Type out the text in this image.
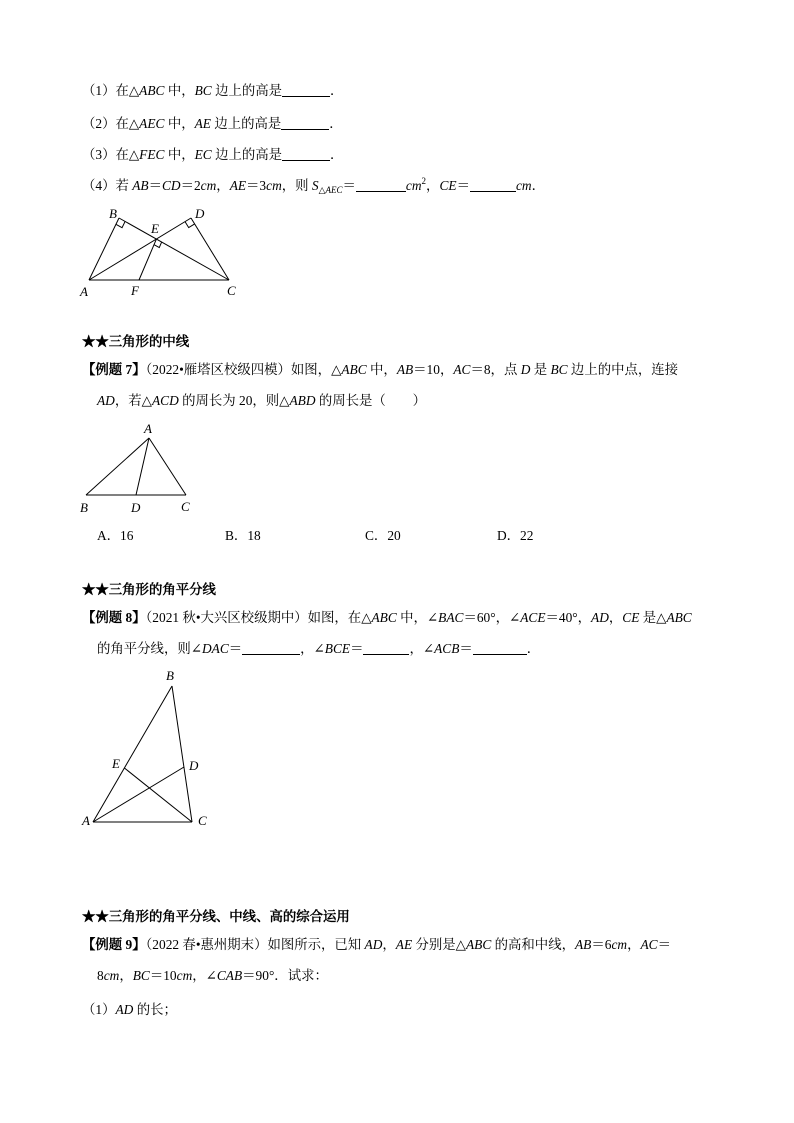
（1）在△ABC 中，BC 边上的高是	．
（2）在△AEC 中，AE 边上的高是	．
（3）在△FEC 中，EC 边上的高是	．
（4）若 AB＝CD＝2cm，AE＝3cm，则 $S_{\triangle AEC}=$	$cm^2$，CE＝	cm．
B	D
E
A	F	C
★★三角形的中线
【例题 7】（2022•雁塔区校级四模）如图，△ABC 中，AB＝10，AC＝8，点 D 是 BC 边上的中点，连接
AD，若△ACD 的周长为 20，则△ABD 的周长是（　　）
A
B	D	C
A．16	B．18	C．20	D．22
★★三角形的角平分线
【例题 8】（2021 秋•大兴区校级期中）如图，在△ABC 中，∠BAC＝60°，∠ACE＝40°，AD，CE 是△ABC
的角平分线，则∠DAC＝	，∠BCE＝	，∠ACB＝	．
B
E	D
A	C
★★三角形的角平分线、中线、高的综合运用
【例题 9】（2022 春•惠州期末）如图所示，已知 AD，AE 分别是△ABC 的高和中线，AB＝6cm，AC＝
8cm，BC＝10cm，∠CAB＝90°．试求：
（1）AD 的长；
